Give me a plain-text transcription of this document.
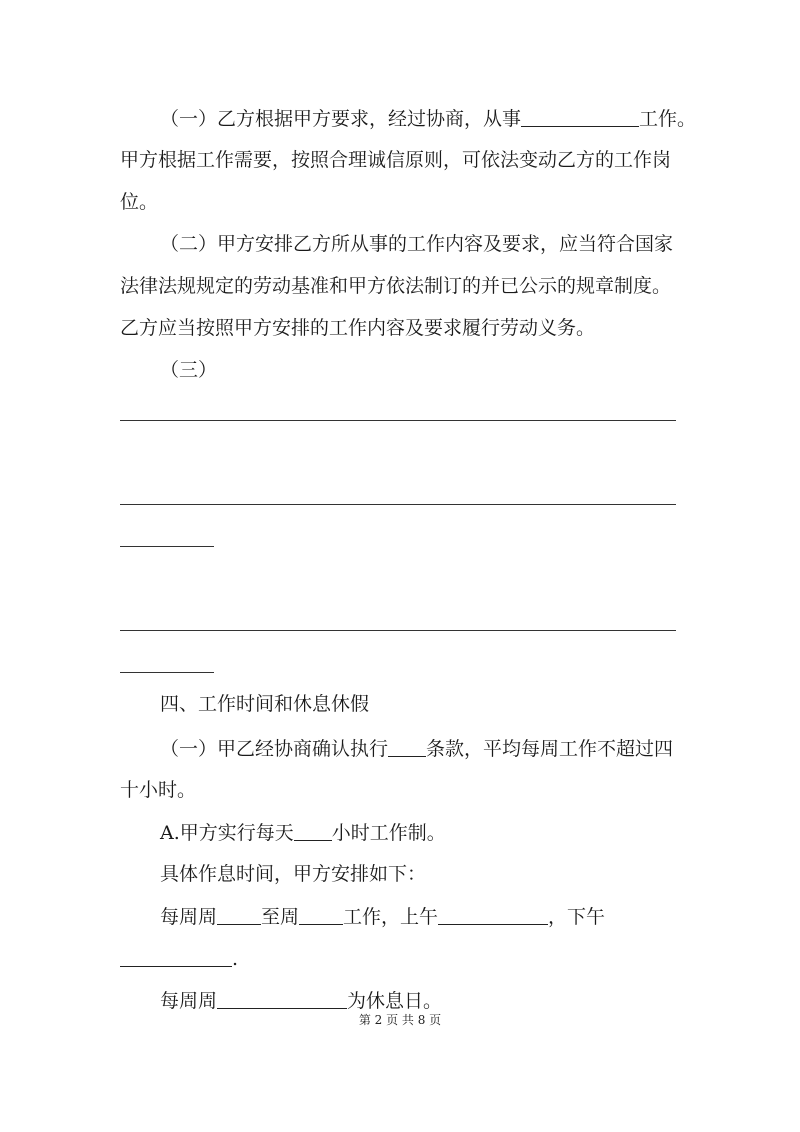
（一）乙方根据甲方要求，经过协商，从事	工作。
甲方根据工作需要，按照合理诚信原则，可依法变动乙方的工作岗
位。
（二）甲方安排乙方所从事的工作内容及要求，应当符合国家
法律法规规定的劳动基准和甲方依法制订的并已公示的规章制度。
乙方应当按照甲方安排的工作内容及要求履行劳动义务。
（三）
四、工作时间和休息休假
（一）甲乙经协商确认执行 条款，平均每周工作不超过四
十小时。
A.甲方实行每天 小时工作制。
具体作息时间，甲方安排如下：
每周周 至周 工作，上午	，下午
.
每周周	为休息日。
第 2 页 共 8 页
